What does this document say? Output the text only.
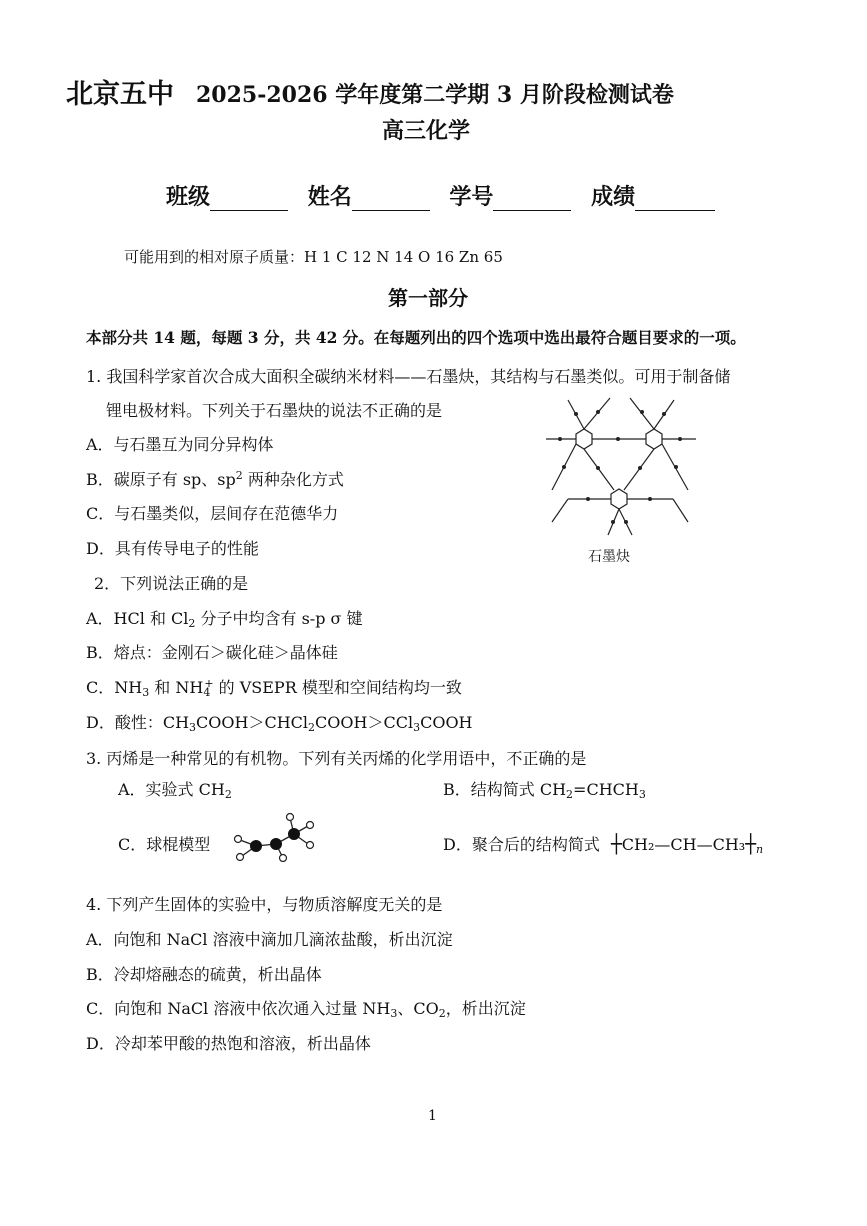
北京五中 2025-2026 学年度第二学期 3 月阶段检测试卷
高三化学
班级	姓名	学号	成绩
可能用到的相对原子质量：H 1 C 12 N 14 O 16 Zn 65
第一部分
本部分共 14 题，每题 3 分，共 42 分。在每题列出的四个选项中选出最符合题目要求的一项。
1. 我国科学家首次合成大面积全碳纳米材料——石墨炔，其结构与石墨类似。可用于制备储
锂电极材料。下列关于石墨炔的说法不正确的是
A．与石墨互为同分异构体
B．碳原子有 sp、$sp^2$ 两种杂化方式
C．与石墨类似，层间存在范德华力
D．具有传导电子的性能	石墨炔
2．下列说法正确的是
A．HCl 和 $Cl_2$ 分子中均含有 s-p σ 键
B．熔点：金刚石＞碳化硅＞晶体硅
C．$NH_3$ 和 $NH_4^+$ 的 VSEPR 模型和空间结构均一致
D．酸性：$CH_3COOH>CHCl_2COOH>CCl_3COOH$
3. 丙烯是一种常见的有机物。下列有关丙烯的化学用语中，不正确的是
A．实验式 $CH_2$	B．结构简式 $CH_2=CHCH_3$
C．球棍模型	D．聚合后的结构简式 $┼CH_2—CH—CH_3┼_n$
4. 下列产生固体的实验中，与物质溶解度无关的是
A．向饱和 NaCl 溶液中滴加几滴浓盐酸，析出沉淀
B．冷却熔融态的硫黄，析出晶体
C．向饱和 NaCl 溶液中依次通入过量 $NH_3$、$CO_2$，析出沉淀
D．冷却苯甲酸的热饱和溶液，析出晶体
1
